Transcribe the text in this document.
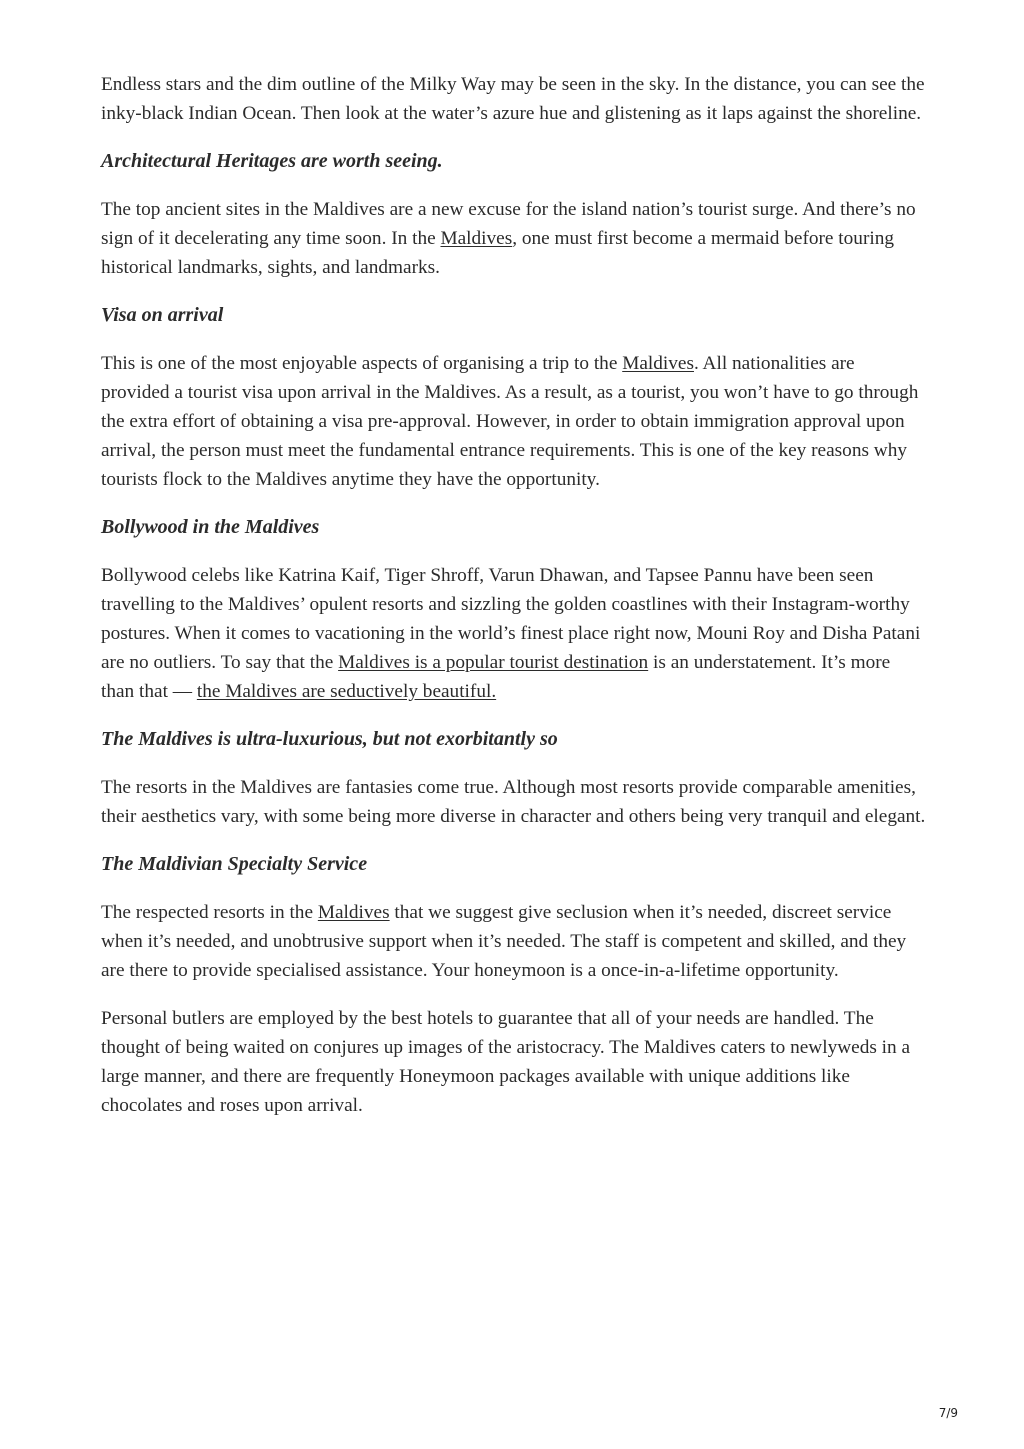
Endless stars and the dim outline of the Milky Way may be seen in the sky. In the distance, you can see the inky-black Indian Ocean. Then look at the water’s azure hue and glistening as it laps against the shoreline.

Architectural Heritages are worth seeing.

The top ancient sites in the Maldives are a new excuse for the island nation’s tourist surge. And there’s no sign of it decelerating any time soon. In the Maldives, one must first become a mermaid before touring historical landmarks, sights, and landmarks.

Visa on arrival

This is one of the most enjoyable aspects of organising a trip to the Maldives. All nationalities are provided a tourist visa upon arrival in the Maldives. As a result, as a tourist, you won’t have to go through the extra effort of obtaining a visa pre-approval. However, in order to obtain immigration approval upon arrival, the person must meet the fundamental entrance requirements. This is one of the key reasons why tourists flock to the Maldives anytime they have the opportunity.

Bollywood in the Maldives

Bollywood celebs like Katrina Kaif, Tiger Shroff, Varun Dhawan, and Tapsee Pannu have been seen travelling to the Maldives’ opulent resorts and sizzling the golden coastlines with their Instagram-worthy postures. When it comes to vacationing in the world’s finest place right now, Mouni Roy and Disha Patani are no outliers. To say that the Maldives is a popular tourist destination is an understatement. It’s more than that — the Maldives are seductively beautiful.

The Maldives is ultra-luxurious, but not exorbitantly so

The resorts in the Maldives are fantasies come true. Although most resorts provide comparable amenities, their aesthetics vary, with some being more diverse in character and others being very tranquil and elegant.

The Maldivian Specialty Service

The respected resorts in the Maldives that we suggest give seclusion when it’s needed, discreet service when it’s needed, and unobtrusive support when it’s needed. The staff is competent and skilled, and they are there to provide specialised assistance. Your honeymoon is a once-in-a-lifetime opportunity.

Personal butlers are employed by the best hotels to guarantee that all of your needs are handled. The thought of being waited on conjures up images of the aristocracy. The Maldives caters to newlyweds in a large manner, and there are frequently Honeymoon packages available with unique additions like chocolates and roses upon arrival.

7/9
